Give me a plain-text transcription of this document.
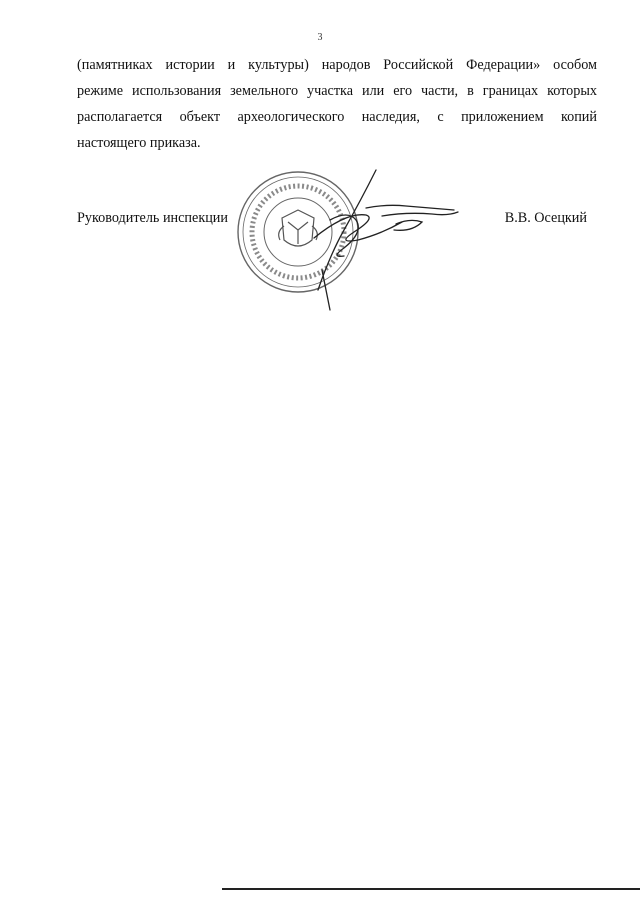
3
(памятниках истории и культуры) народов Российской Федерации» особом
режиме использования земельного участка или его части, в границах которых
располагается объект археологического наследия, с приложением копий
настоящего приказа.
Руководитель инспекции	В.В. Осецкий
